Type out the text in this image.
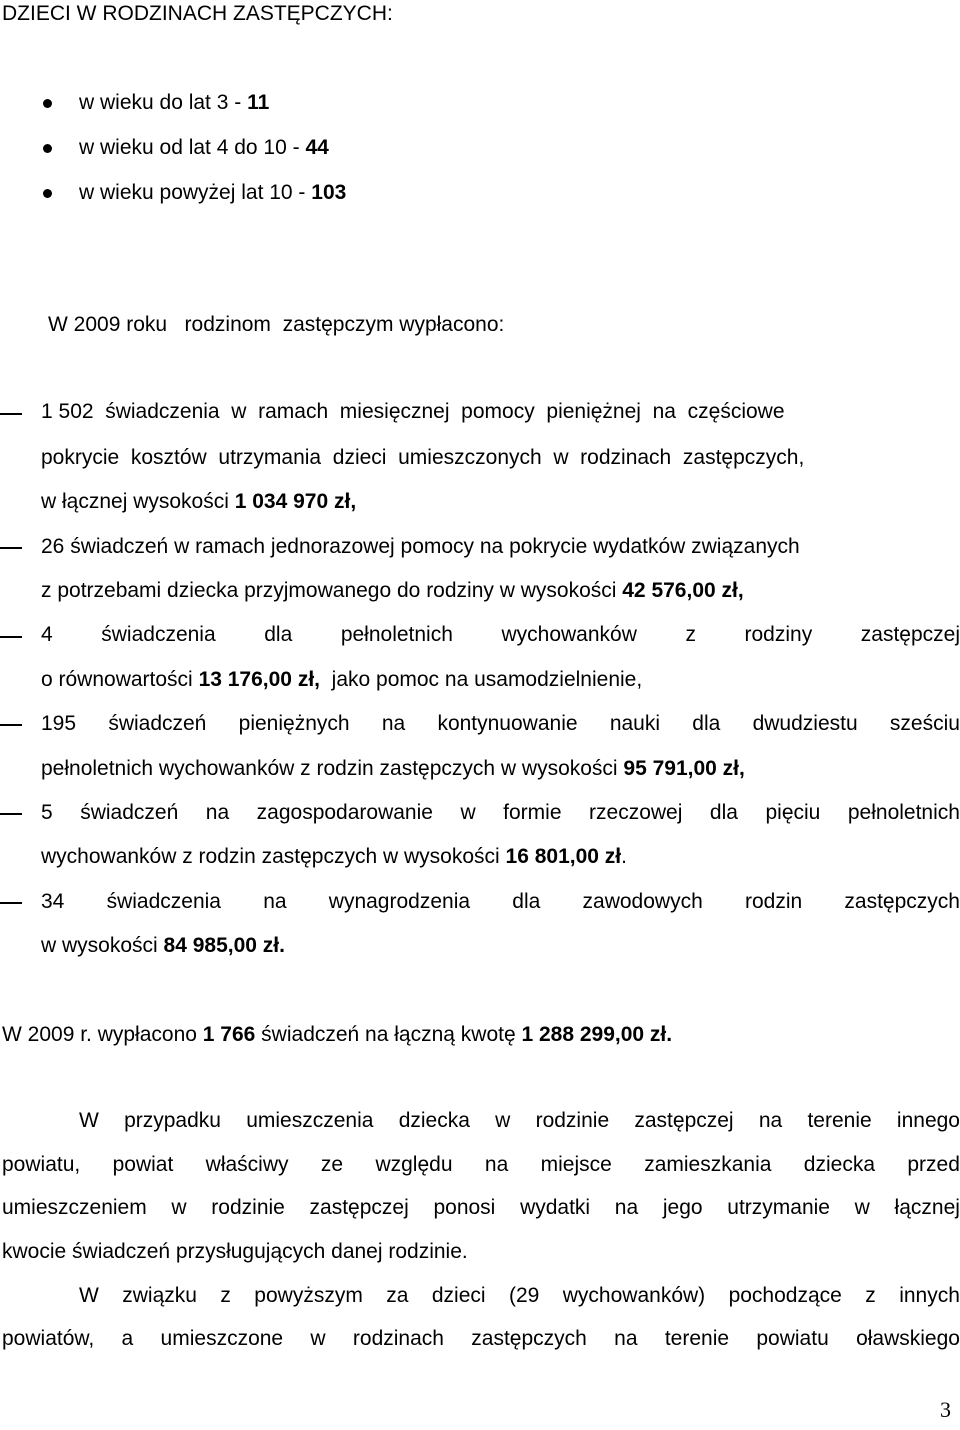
DZIECI W RODZINACH ZASTĘPCZYCH:
w wieku do lat 3 - 11
w wieku od lat 4 do 10 - 44
w wieku powyżej lat 10 - 103
W 2009 roku   rodzinom  zastępczym wypłacono:
1 502  świadczenia  w  ramach  miesięcznej  pomocy  pieniężnej  na  częściowe
pokrycie  kosztów  utrzymania  dzieci  umieszczonych  w  rodzinach  zastępczych,
w łącznej wysokości 1 034 970 zł,
26 świadczeń w ramach jednorazowej pomocy na pokrycie wydatków związanych
z potrzebami dziecka przyjmowanego do rodziny w wysokości 42 576,00 zł,
4 świadczenia dla pełnoletnich wychowanków z rodziny zastępczej
o równowartości 13 176,00 zł,  jako pomoc na usamodzielnienie,
195 świadczeń pieniężnych na kontynuowanie nauki dla dwudziestu sześciu
pełnoletnich wychowanków z rodzin zastępczych w wysokości 95 791,00 zł,
5 świadczeń na zagospodarowanie w formie rzeczowej dla pięciu pełnoletnich
wychowanków z rodzin zastępczych w wysokości 16 801,00 zł.
34 świadczenia na wynagrodzenia dla zawodowych rodzin zastępczych
w wysokości 84 985,00 zł.
W 2009 r. wypłacono 1 766 świadczeń na łączną kwotę 1 288 299,00 zł.
W przypadku umieszczenia dziecka w rodzinie zastępczej na terenie innego
powiatu, powiat właściwy ze względu na miejsce zamieszkania dziecka przed
umieszczeniem w rodzinie zastępczej ponosi wydatki na jego utrzymanie w łącznej
kwocie świadczeń przysługujących danej rodzinie.
W związku z powyższym za dzieci (29 wychowanków) pochodzące z innych
powiatów, a umieszczone w rodzinach zastępczych na terenie powiatu oławskiego
3
